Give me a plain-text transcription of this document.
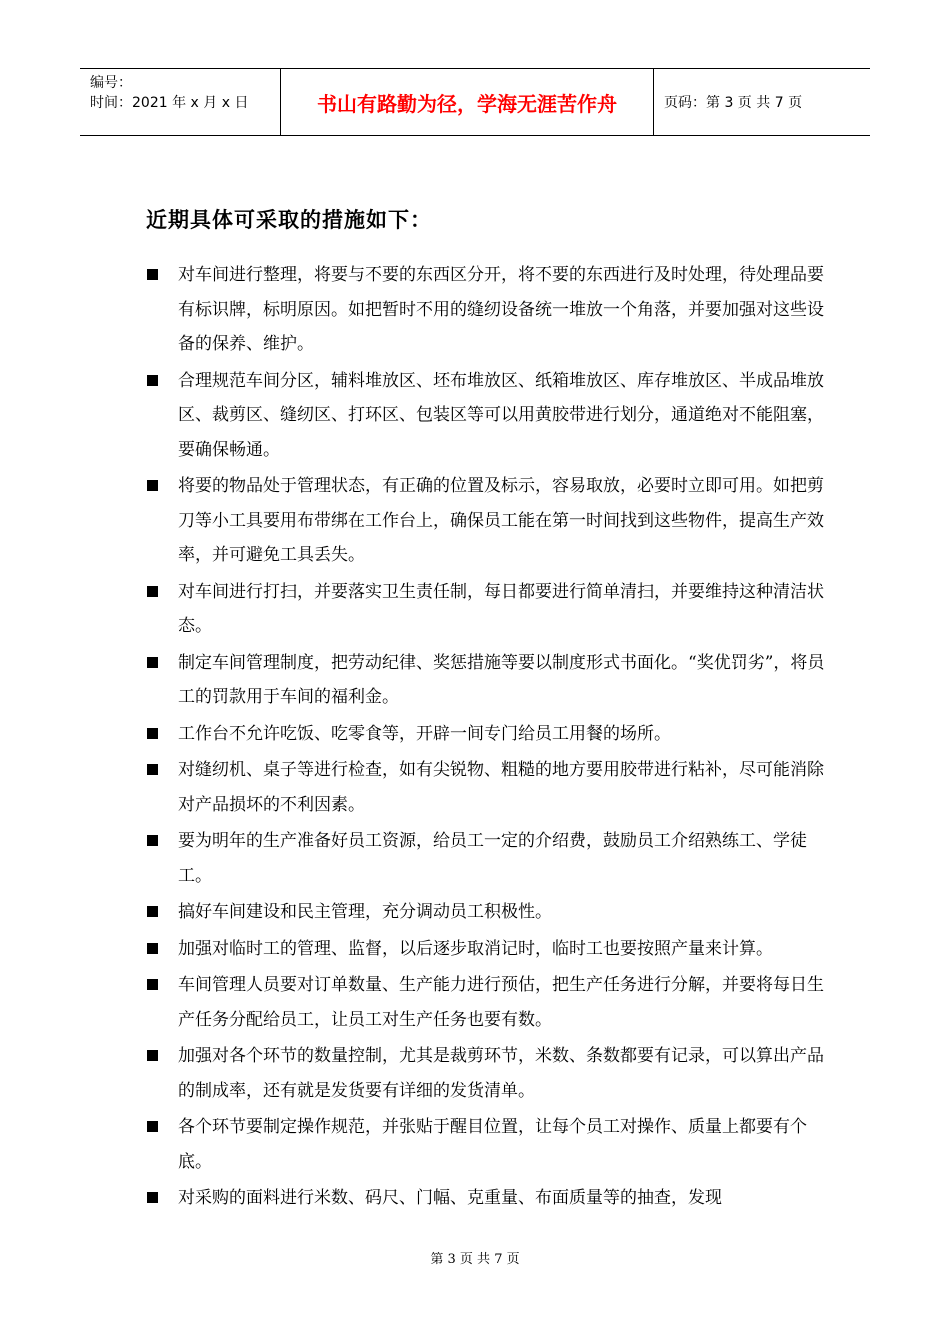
编号：
时间：2021 年 x 月 x 日	书山有路勤为径，学海无涯苦作舟	页码：第 3 页 共 7 页
近期具体可采取的措施如下：
对车间进行整理，将要与不要的东西区分开，将不要的东西进行及时处理，待处理品要有标识牌，标明原因。如把暂时不用的缝纫设备统一堆放一个角落，并要加强对这些设备的保养、维护。
合理规范车间分区，辅料堆放区、坯布堆放区、纸箱堆放区、库存堆放区、半成品堆放区、裁剪区、缝纫区、打环区、包装区等可以用黄胶带进行划分，通道绝对不能阻塞，要确保畅通。
将要的物品处于管理状态，有正确的位置及标示，容易取放，必要时立即可用。如把剪刀等小工具要用布带绑在工作台上，确保员工能在第一时间找到这些物件，提高生产效率，并可避免工具丢失。
对车间进行打扫，并要落实卫生责任制，每日都要进行简单清扫，并要维持这种清洁状态。
制定车间管理制度，把劳动纪律、奖惩措施等要以制度形式书面化。“奖优罚劣”，将员工的罚款用于车间的福利金。
工作台不允许吃饭、吃零食等，开辟一间专门给员工用餐的场所。
对缝纫机、桌子等进行检查，如有尖锐物、粗糙的地方要用胶带进行粘补，尽可能消除对产品损坏的不利因素。
要为明年的生产准备好员工资源，给员工一定的介绍费，鼓励员工介绍熟练工、学徒工。
搞好车间建设和民主管理，充分调动员工积极性。
加强对临时工的管理、监督，以后逐步取消记时，临时工也要按照产量来计算。
车间管理人员要对订单数量、生产能力进行预估，把生产任务进行分解，并要将每日生产任务分配给员工，让员工对生产任务也要有数。
加强对各个环节的数量控制，尤其是裁剪环节，米数、条数都要有记录，可以算出产品的制成率，还有就是发货要有详细的发货清单。
各个环节要制定操作规范，并张贴于醒目位置，让每个员工对操作、质量上都要有个底。
对采购的面料进行米数、码尺、门幅、克重量、布面质量等的抽查，发现
第 3 页 共 7 页
